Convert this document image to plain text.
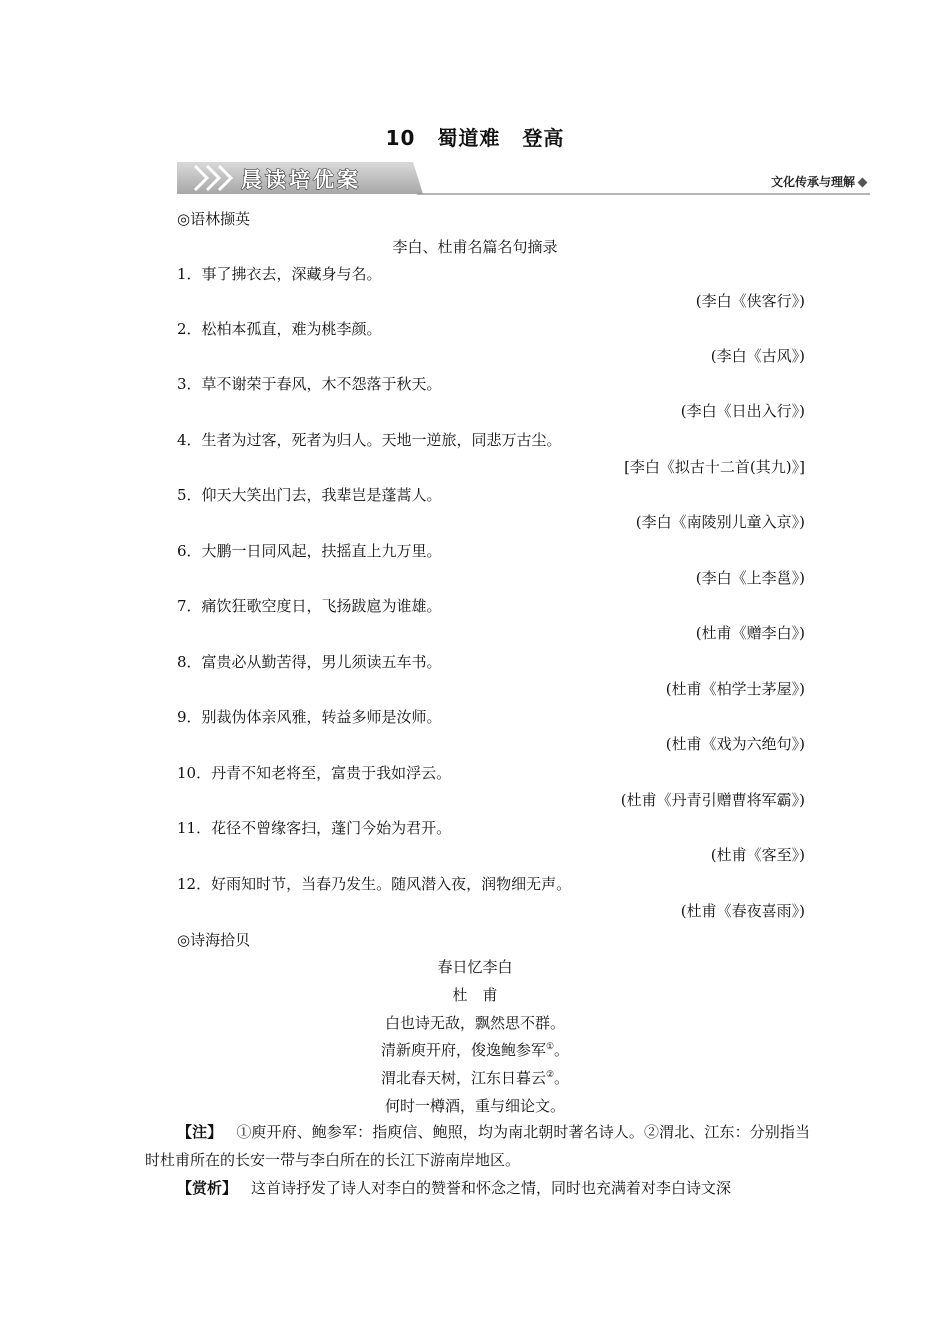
10 蜀道难 登高
晨读培优案	文化传承与理解
◎语林撷英
李白、杜甫名篇名句摘录
1．事了拂衣去，深藏身与名。
(李白《侠客行》)
2．松柏本孤直，难为桃李颜。
(李白《古风》)
3．草不谢荣于春风，木不怨落于秋天。
(李白《日出入行》)
4．生者为过客，死者为归人。天地一逆旅，同悲万古尘。
[李白《拟古十二首(其九)》]
5．仰天大笑出门去，我辈岂是蓬蒿人。
(李白《南陵别儿童入京》)
6．大鹏一日同风起，扶摇直上九万里。
(李白《上李邕》)
7．痛饮狂歌空度日，飞扬跋扈为谁雄。
(杜甫《赠李白》)
8．富贵必从勤苦得，男儿须读五车书。
(杜甫《柏学士茅屋》)
9．别裁伪体亲风雅，转益多师是汝师。
(杜甫《戏为六绝句》)
10．丹青不知老将至，富贵于我如浮云。
(杜甫《丹青引赠曹将军霸》)
11．花径不曾缘客扫，蓬门今始为君开。
(杜甫《客至》)
12．好雨知时节，当春乃发生。随风潜入夜，润物细无声。
(杜甫《春夜喜雨》)
◎诗海拾贝
春日忆李白
杜　甫
白也诗无敌，飘然思不群。
清新庾开府，俊逸鲍参军①。
渭北春天树，江东日暮云②。
何时一樽酒，重与细论文。
【注】 ①庾开府、鲍参军：指庾信、鲍照，均为南北朝时著名诗人。②渭北、江东：分别指当时杜甫所在的长安一带与李白所在的长江下游南岸地区。
【赏析】 这首诗抒发了诗人对李白的赞誉和怀念之情，同时也充满着对李白诗文深
